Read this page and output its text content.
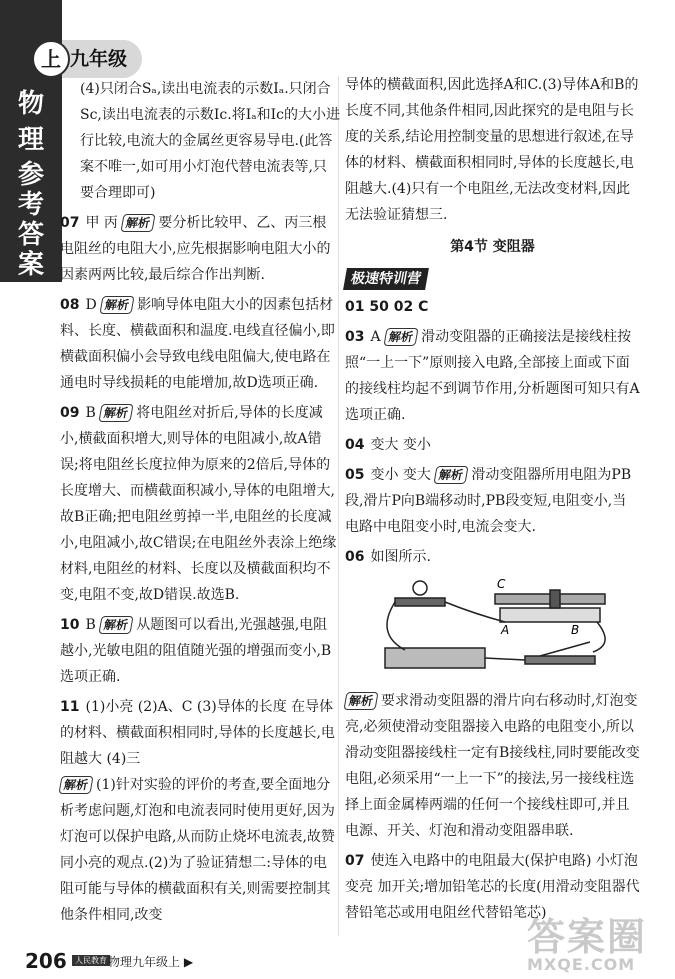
上 九年级
物
理
参
考
答
案
(4)只闭合Sₐ,读出电流表的示数Iₐ.只闭合Sc,读出电流表的示数Ic.将Iₐ和Ic的大小进行比较,电流大的金属丝更容易导电.(此答案不唯一,如可用小灯泡代替电流表等,只要合理即可)
07 甲 丙 解析 要分析比较甲、乙、丙三根电阻丝的电阻大小,应先根据影响电阻大小的因素两两比较,最后综合作出判断.
08 D 解析 影响导体电阻大小的因素包括材料、长度、横截面积和温度.电线直径偏小,即横截面积偏小会导致电线电阻偏大,使电路在通电时导线损耗的电能增加,故D选项正确.
09 B 解析 将电阻丝对折后,导体的长度减小,横截面积增大,则导体的电阻减小,故A错误;将电阻丝长度拉伸为原来的2倍后,导体的长度增大、而横截面积减小,导体的电阻增大,故B正确;把电阻丝剪掉一半,电阻丝的长度减小,电阻减小,故C错误;在电阻丝外表涂上绝缘材料,电阻丝的材料、长度以及横截面积均不变,电阻不变,故D错误.故选B.
10 B 解析 从题图可以看出,光强越强,电阻越小,光敏电阻的阻值随光强的增强而变小,B选项正确.
11 (1)小亮 (2)A、C (3)导体的长度 在导体的材料、横截面积相同时,导体的长度越长,电阻越大 (4)三
解析 (1)针对实验的评价的考查,要全面地分析考虑问题,灯泡和电流表同时使用更好,因为灯泡可以保护电路,从而防止烧坏电流表,故赞同小亮的观点.(2)为了验证猜想二:导体的电阻可能与导体的横截面积有关,则需要控制其他条件相同,改变
导体的横截面积,因此选择A和C.(3)导体A和B的长度不同,其他条件相同,因此探究的是电阻与长度的关系,结论用控制变量的思想进行叙述,在导体的材料、横截面积相同时,导体的长度越长,电阻越大.(4)只有一个电阻丝,无法改变材料,因此无法验证猜想三.
第4节 变阻器
极速特训营
01 50 02 C
03 A 解析 滑动变阻器的正确接法是接线柱按照“一上一下”原则接入电路,全部接上面或下面的接线柱均起不到调节作用,分析题图可知只有A选项正确.
04 变大 变小
05 变小 变大 解析 滑动变阻器所用电阻为PB段,滑片P向B端移动时,PB段变短,电阻变小,当电路中电阻变小时,电流会变大.
06 如图所示.
C
A	B
解析 要求滑动变阻器的滑片向右移动时,灯泡变亮,必须使滑动变阻器接入电路的电阻变小,所以滑动变阻器接线柱一定有B接线柱,同时要能改变电阻,必须采用“一上一下”的接法,另一接线柱选择上面金属棒两端的任何一个接线柱即可,并且电源、开关、灯泡和滑动变阻器串联.
07 使连入电路中的电阻最大(保护电路) 小灯泡变亮 加开关;增加铅笔芯的长度(用滑动变阻器代替铅笔芯或用电阻丝代替铅笔芯)
206	人民教育 物理九年级上 ▶
答案圈
MXQE.COM
